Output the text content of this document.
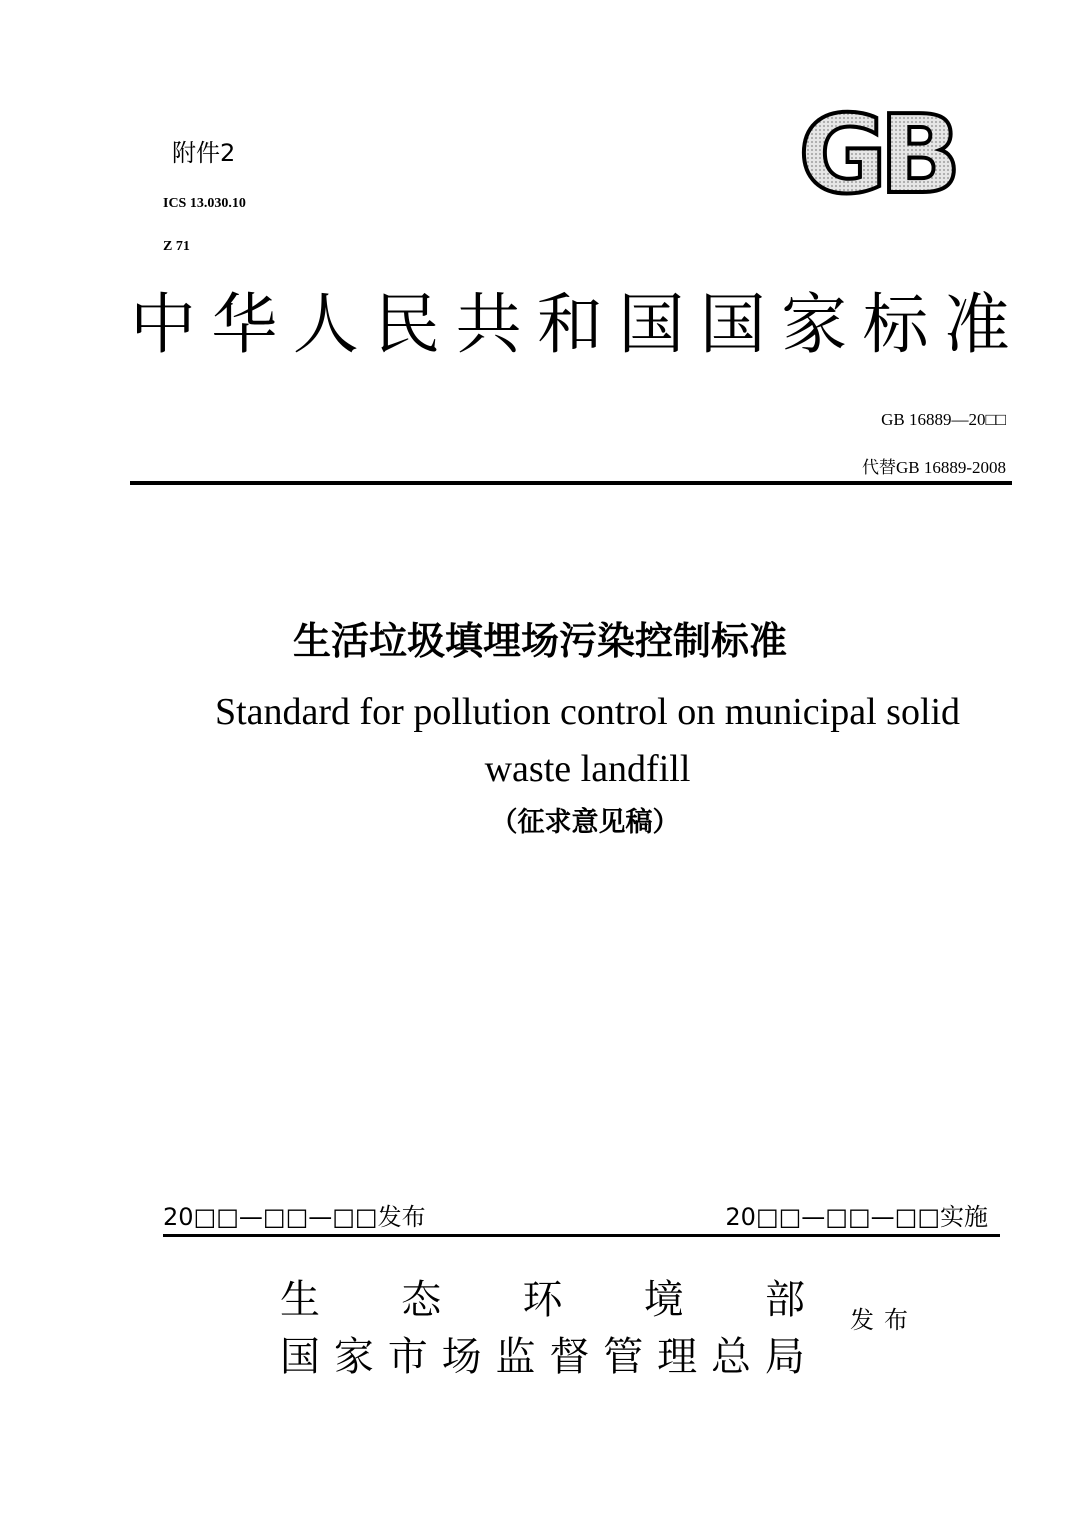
附件2
ICS 13.030.10
Z 71
GB
中 华 人 民 共 和 国 国 家 标 准
GB 16889—20□□
代替GB 16889-2008
生活垃圾填埋场污染控制标准
Standard for pollution control on municipal solid waste landfill
（征求意见稿）
20□□—□□—□□发布	20□□—□□—□□实施
生 态 环 境 部
国 家 市 场 监 督 管 理 总 局
发布
